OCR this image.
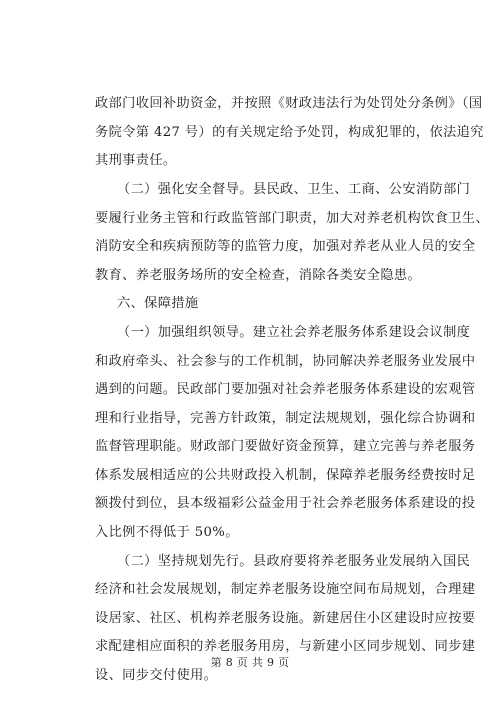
政部门收回补助资金，并按照《财政违法行为处罚处分条例》（国
务院令第 427 号）的有关规定给予处罚，构成犯罪的，依法追究
其刑事责任。
（二）强化安全督导。县民政、卫生、工商、公安消防部门
要履行业务主管和行政监管部门职责，加大对养老机构饮食卫生、
消防安全和疾病预防等的监管力度，加强对养老从业人员的安全
教育、养老服务场所的安全检查，消除各类安全隐患。
六、保障措施
（一）加强组织领导。建立社会养老服务体系建设会议制度
和政府牵头、社会参与的工作机制，协同解决养老服务业发展中
遇到的问题。民政部门要加强对社会养老服务体系建设的宏观管
理和行业指导，完善方针政策，制定法规规划，强化综合协调和
监督管理职能。财政部门要做好资金预算，建立完善与养老服务
体系发展相适应的公共财政投入机制，保障养老服务经费按时足
额拨付到位，县本级福彩公益金用于社会养老服务体系建设的投
入比例不得低于 50%。
（二）坚持规划先行。县政府要将养老服务业发展纳入国民
经济和社会发展规划，制定养老服务设施空间布局规划，合理建
设居家、社区、机构养老服务设施。新建居住小区建设时应按要
求配建相应面积的养老服务用房，与新建小区同步规划、同步建
设、同步交付使用。
第 8 页 共 9 页
